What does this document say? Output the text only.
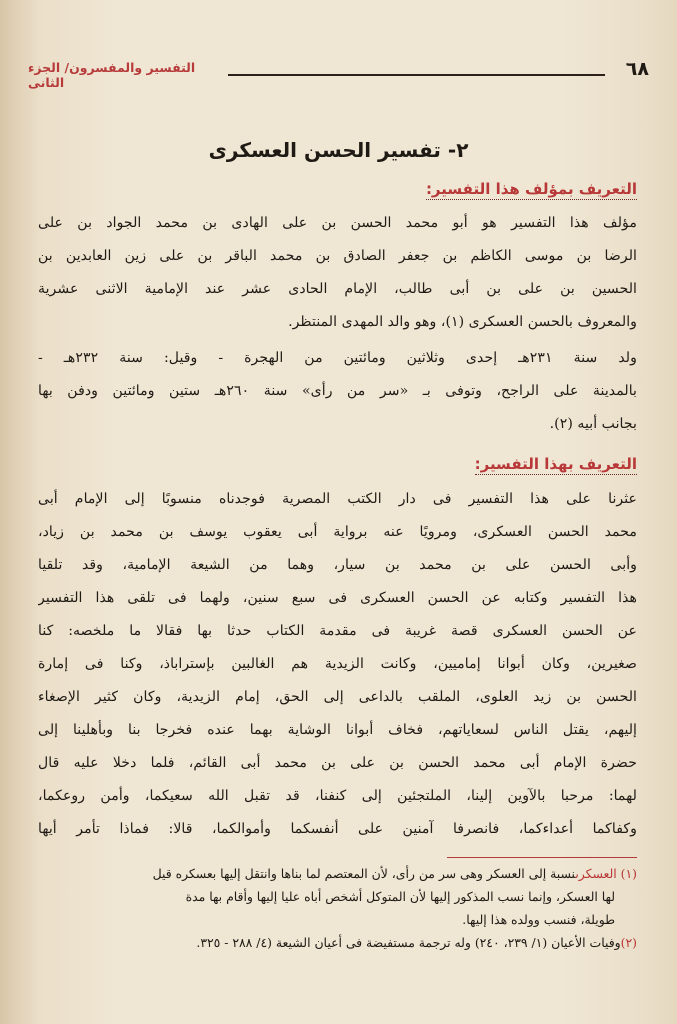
٦٨
التفسير والمفسرون/ الجزء الثانى
٢- تفسير الحسن العسكرى
التعريف بمؤلف هذا التفسير:
مؤلف هذا التفسير هو أبو محمد الحسن بن على الهادى بن محمد الجواد بن على
الرضا بن موسى الكاظم بن جعفر الصادق بن محمد الباقر بن على زين العابدين بن
الحسين بن على بن أبى طالب، الإمام الحادى عشر عند الإمامية الاثنى عشرية
والمعروف بالحسن العسكرى (١)، وهو والد المهدى المنتظر.
ولد سنة ٢٣١هـ إحدى وثلاثين ومائتين من الهجرة - وقيل: سنة ٢٣٢هـ -
بالمدينة على الراجح، وتوفى بـ «سر من رأى» سنة ٢٦٠هـ ستين ومائتين ودفن بها
بجانب أبيه (٢).
التعريف بهذا التفسير:
عثرنا على هذا التفسير فى دار الكتب المصرية فوجدناه منسوبًا إلى الإمام أبى
محمد الحسن العسكرى، ومرويًا عنه برواية أبى يعقوب يوسف بن محمد بن زياد،
وأبى الحسن على بن محمد بن سيار، وهما من الشيعة الإمامية، وقد تلقيا
هذا التفسير وكتابه عن الحسن العسكرى فى سبع سنين، ولهما فى تلقى هذا التفسير
عن الحسن العسكرى قصة غريبة فى مقدمة الكتاب حدثا بها فقالا ما ملخصه: كنا
صغيرين، وكان أبوانا إماميين، وكانت الزيدية هم الغالبين بإستراباذ، وكنا فى إمارة
الحسن بن زيد العلوى، الملقب بالداعى إلى الحق، إمام الزيدية، وكان كثير الإصغاء
إليهم، يقتل الناس لسعاياتهم، فخاف أبوانا الوشاية بهما عنده فخرجا بنا وبأهلينا إلى
حضرة الإمام أبى محمد الحسن بن على بن محمد أبى القائم، فلما دخلا عليه قال
لهما: مرحبا بالآوين إلينا، الملتجئين إلى كنفنا، قد تقبل الله سعيكما، وأمن روعكما،
وكفاكما أعداءكما، فانصرفا آمنين على أنفسكما وأموالكما، قالا: فماذا تأمر أيها
(١) العسكرىنسبة إلى العسكر وهى سر من رأى، لأن المعتصم لما بناها وانتقل إليها بعسكره قيل
لها العسكر، وإنما نسب المذكور إليها لأن المتوكل أشخص أباه عليا إليها وأقام بها مدة
طويلة، فنسب وولده هذا إليها.
(٢)وفيات الأعيان (١/ ٢٣٩، ٢٤٠) وله ترجمة مستفيضة فى أعيان الشيعة (٤/ ٢٨٨ - ٣٢٥.
